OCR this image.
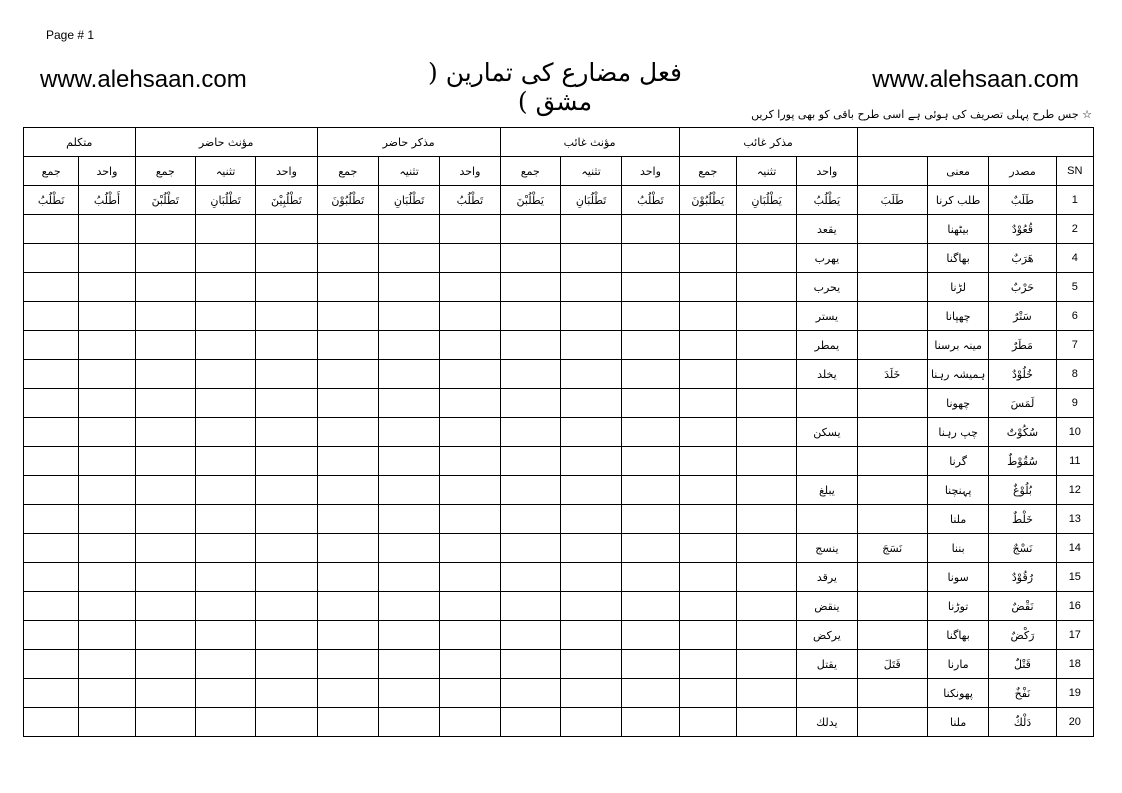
Page # 1
www.alehsaan.com	فعل مضارع کی تمارین ( مشق )
www.alehsaan.com
☆ جس طرح پہلی تصریف کی ہوئی ہے اسی طرح باقی کو بھی پورا کریں
متکلم		مؤنث حاضر			مذکر حاضر			مؤنث غائب			مذکر غائب						
جمع	واحد	جمع	تثنیہ	واحد	جمع	تثنیہ	واحد	جمع	تثنیہ	واحد	جمع	تثنیہ	واحد		معنی	مصدر	SN
نَطْلُبُ	أَطْلُبُ	تَطْلُبْنَ	تَطْلُبَانِ	تَطْلُبِيْنَ	تَطْلُبُوْنَ	تَطْلُبَانِ	تَطْلُبُ	يَطْلُبْنَ	تَطْلُبَانِ	تَطْلُبُ	يَطْلُبُوْنَ	يَطْلُبَانِ	يَطْلُبُ	طَلَبَ	طلب کرنا	طَلَبٌ	1
													يقعد		بیٹھنا	قُعُوْدٌ	2
													يهرب		بھاگنا	هَرَبٌ	4
													يحرب		لڑنا	حَرْبٌ	5
													يستر		چھپانا	سَتْرٌ	6
													يمطر		مینہ برسنا	مَطَرٌ	7
													يخلد	خَلَدَ	ہمیشہ رہنا	خُلُوْدٌ	8
															چھونا	لَمَسَ	9
													يسكن		چپ رہنا	سُكُوْتٌ	10
															گرنا	سُقُوْطٌ	11
													يبلغ		پہنچنا	بُلُوْغٌ	12
															ملنا	خَلْطٌ	13
													ينسج	نَسَجَ	بننا	نَسْجٌ	14
													يرقد		سونا	رُقُوْدٌ	15
													ينقض		توڑنا	نَقْضٌ	16
													يركض		بھاگنا	رَكْضٌ	17
													يقتل	قَتَلَ	مارنا	قَتْلٌ	18
															پھونکنا	نَفْخٌ	19
													يدلك		ملنا	دَلْكٌ	20
